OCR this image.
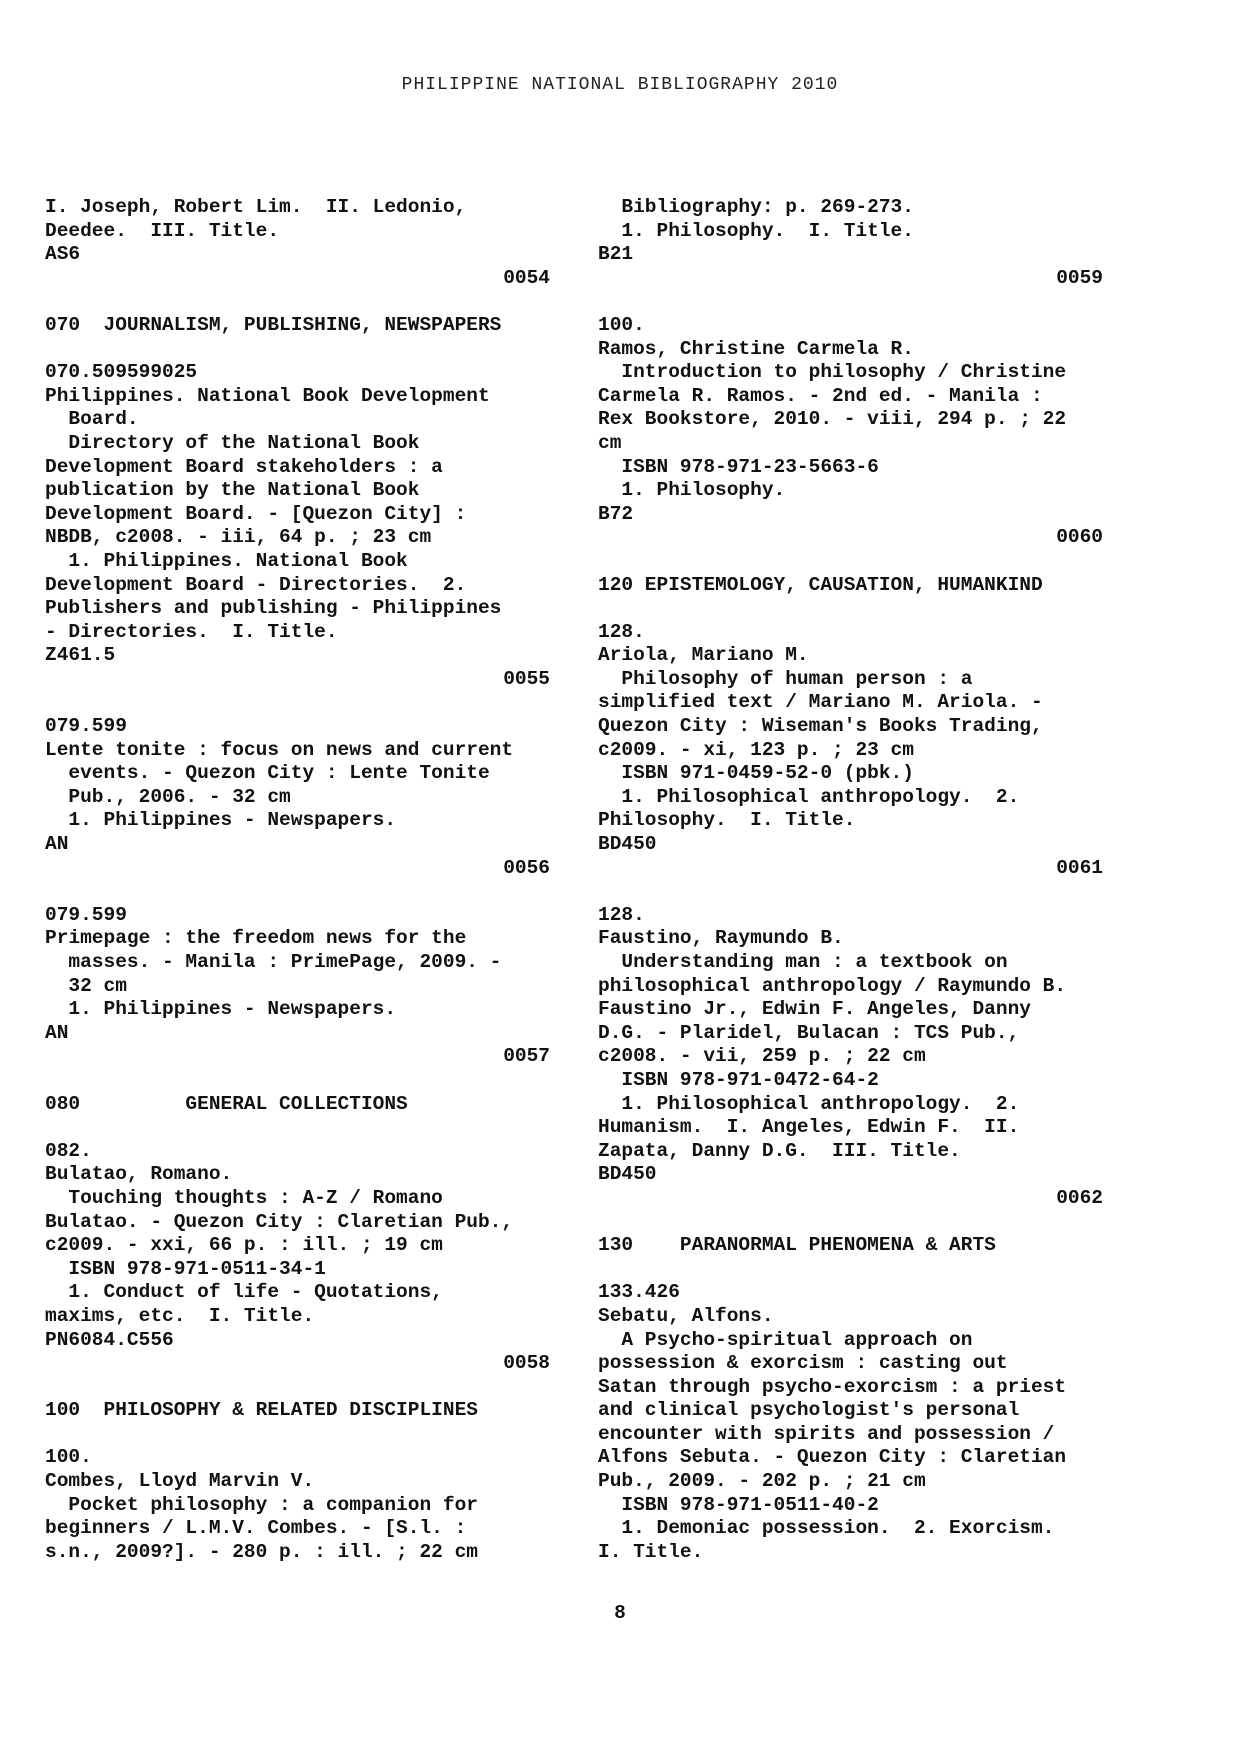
PHILIPPINE NATIONAL BIBLIOGRAPHY 2010
I. Joseph, Robert Lim.  II. Ledonio,
Deedee.  III. Title.
AS6
0054
070  JOURNALISM, PUBLISHING, NEWSPAPERS
070.509599025
Philippines. National Book Development
Board.
Directory of the National Book
Development Board stakeholders : a
publication by the National Book
Development Board. - [Quezon City] :
NBDB, c2008. - iii, 64 p. ; 23 cm
1. Philippines. National Book
Development Board - Directories.  2.
Publishers and publishing - Philippines
- Directories.  I. Title.
Z461.5
0055
079.599
Lente tonite : focus on news and current
events. - Quezon City : Lente Tonite
Pub., 2006. - 32 cm
1. Philippines - Newspapers.
AN
0056
079.599
Primepage : the freedom news for the
masses. - Manila : PrimePage, 2009. -
32 cm
1. Philippines - Newspapers.
AN
0057
080         GENERAL COLLECTIONS
082.
Bulatao, Romano.
Touching thoughts : A-Z / Romano
Bulatao. - Quezon City : Claretian Pub.,
c2009. - xxi, 66 p. : ill. ; 19 cm
ISBN 978-971-0511-34-1
1. Conduct of life - Quotations,
maxims, etc.  I. Title.
PN6084.C556
0058
100  PHILOSOPHY & RELATED DISCIPLINES
100.
Combes, Lloyd Marvin V.
Pocket philosophy : a companion for
beginners / L.M.V. Combes. - [S.l. :
s.n., 2009?]. - 280 p. : ill. ; 22 cm
Bibliography: p. 269-273.
1. Philosophy.  I. Title.
B21
0059
100.
Ramos, Christine Carmela R.
Introduction to philosophy / Christine
Carmela R. Ramos. - 2nd ed. - Manila :
Rex Bookstore, 2010. - viii, 294 p. ; 22
cm
ISBN 978-971-23-5663-6
1. Philosophy.
B72
0060
120 EPISTEMOLOGY, CAUSATION, HUMANKIND
128.
Ariola, Mariano M.
Philosophy of human person : a
simplified text / Mariano M. Ariola. -
Quezon City : Wiseman's Books Trading,
c2009. - xi, 123 p. ; 23 cm
ISBN 971-0459-52-0 (pbk.)
1. Philosophical anthropology.  2.
Philosophy.  I. Title.
BD450
0061
128.
Faustino, Raymundo B.
Understanding man : a textbook on
philosophical anthropology / Raymundo B.
Faustino Jr., Edwin F. Angeles, Danny
D.G. - Plaridel, Bulacan : TCS Pub.,
c2008. - vii, 259 p. ; 22 cm
ISBN 978-971-0472-64-2
1. Philosophical anthropology.  2.
Humanism.  I. Angeles, Edwin F.  II.
Zapata, Danny D.G.  III. Title.
BD450
0062
130    PARANORMAL PHENOMENA & ARTS
133.426
Sebatu, Alfons.
A Psycho-spiritual approach on
possession & exorcism : casting out
Satan through psycho-exorcism : a priest
and clinical psychologist's personal
encounter with spirits and possession /
Alfons Sebuta. - Quezon City : Claretian
Pub., 2009. - 202 p. ; 21 cm
ISBN 978-971-0511-40-2
1. Demoniac possession.  2. Exorcism.
I. Title.
8
